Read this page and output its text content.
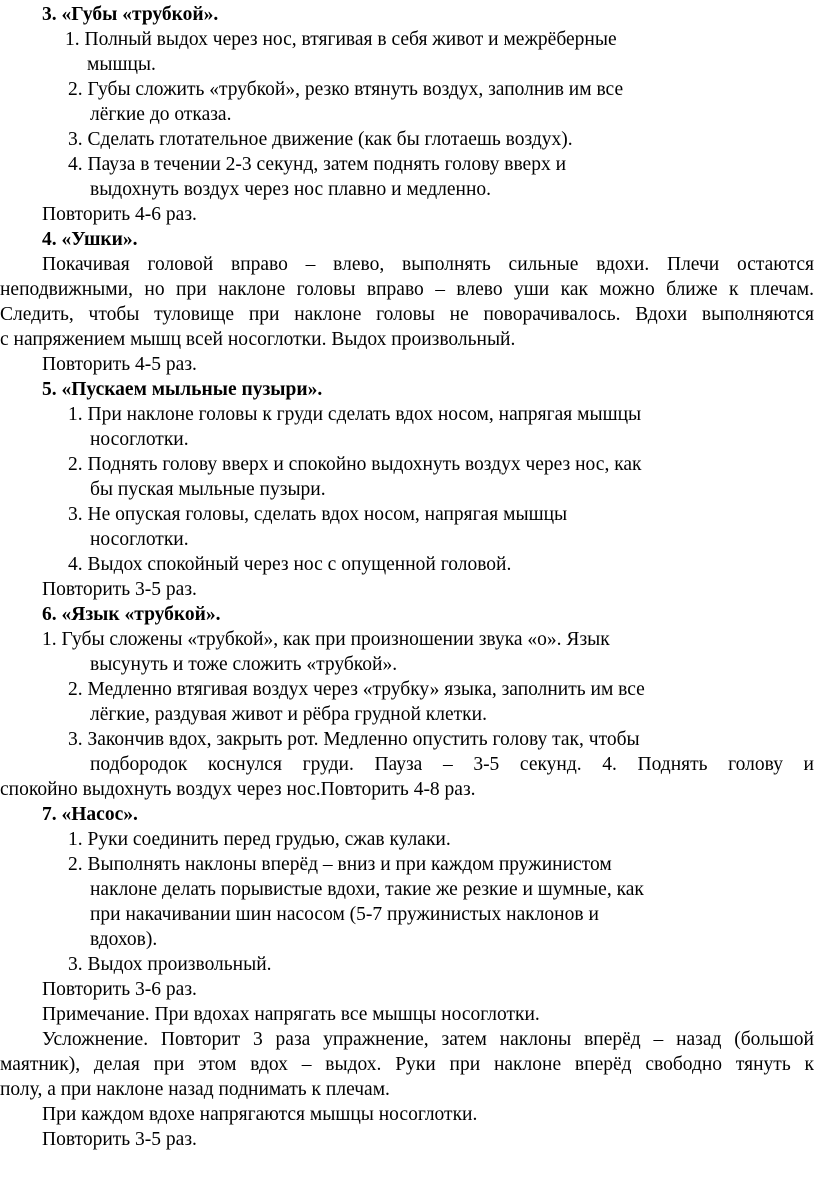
3. «Губы «трубкой».
1. Полный выдох через нос, втягивая в себя живот и межрёберные
мышцы.
2. Губы сложить «трубкой», резко втянуть воздух, заполнив им все
лёгкие до отказа.
3. Сделать глотательное движение (как бы глотаешь воздух).
4. Пауза в течении 2-3 секунд, затем поднять голову вверх и
выдохнуть воздух через нос плавно и медленно.
Повторить 4-6 раз.
4. «Ушки».
Покачивая головой вправо – влево, выполнять сильные вдохи. Плечи остаются
неподвижными, но при наклоне головы вправо – влево уши как можно ближе к плечам.
Следить, чтобы туловище при наклоне головы не поворачивалось. Вдохи выполняются
с напряжением мышц всей носоглотки. Выдох произвольный.
Повторить 4-5 раз.
5. «Пускаем мыльные пузыри».
1. При наклоне головы к груди сделать вдох носом, напрягая мышцы
носоглотки.
2. Поднять голову вверх и спокойно выдохнуть воздух через нос, как
бы пуская мыльные пузыри.
3. Не опуская головы, сделать вдох носом, напрягая мышцы
носоглотки.
4. Выдох спокойный через нос с опущенной головой.
Повторить 3-5 раз.
6. «Язык «трубкой».
1. Губы сложены «трубкой», как при произношении звука «о». Язык
высунуть и тоже сложить «трубкой».
2. Медленно втягивая воздух через «трубку» языка, заполнить им все
лёгкие, раздувая живот и рёбра грудной клетки.
3. Закончив вдох, закрыть рот. Медленно опустить голову так, чтобы
подбородок коснулся груди. Пауза – 3-5 секунд. 4. Поднять голову и
спокойно выдохнуть воздух через нос.Повторить 4-8 раз.
7. «Насос».
1. Руки соединить перед грудью, сжав кулаки.
2. Выполнять наклоны вперёд – вниз и при каждом пружинистом
наклоне делать порывистые вдохи, такие же резкие и шумные, как
при накачивании шин насосом (5-7 пружинистых наклонов и
вдохов).
3. Выдох произвольный.
Повторить 3-6 раз.
Примечание. При вдохах напрягать все мышцы носоглотки.
Усложнение. Повторит 3 раза упражнение, затем наклоны вперёд – назад (большой
маятник), делая при этом вдох – выдох. Руки при наклоне вперёд свободно тянуть к
полу, а при наклоне назад поднимать к плечам.
При каждом вдохе напрягаются мышцы носоглотки.
Повторить 3-5 раз.
